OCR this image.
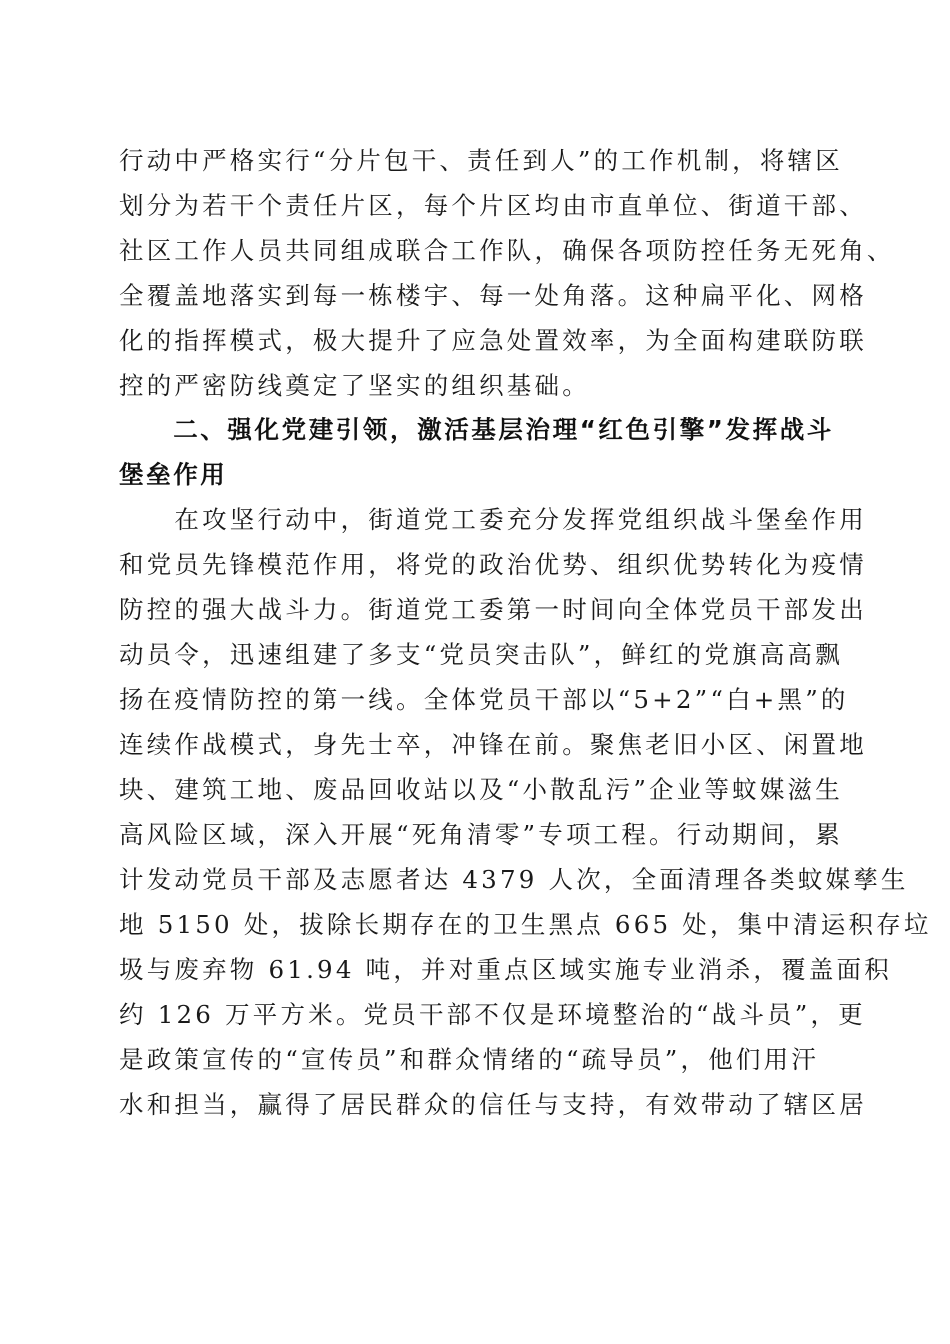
行动中严格实行“分片包干、责任到人”的工作机制，将辖区
划分为若干个责任片区，每个片区均由市直单位、街道干部、
社区工作人员共同组成联合工作队，确保各项防控任务无死角、
全覆盖地落实到每一栋楼宇、每一处角落。这种扁平化、网格
化的指挥模式，极大提升了应急处置效率，为全面构建联防联
控的严密防线奠定了坚实的组织基础。
　　二、强化党建引领，激活基层治理“红色引擎”发挥战斗
堡垒作用
　　在攻坚行动中，街道党工委充分发挥党组织战斗堡垒作用
和党员先锋模范作用，将党的政治优势、组织优势转化为疫情
防控的强大战斗力。街道党工委第一时间向全体党员干部发出
动员令，迅速组建了多支“党员突击队”，鲜红的党旗高高飘
扬在疫情防控的第一线。全体党员干部以“5+2”“白+黑”的
连续作战模式，身先士卒，冲锋在前。聚焦老旧小区、闲置地
块、建筑工地、废品回收站以及“小散乱污”企业等蚊媒滋生
高风险区域，深入开展“死角清零”专项工程。行动期间，累
计发动党员干部及志愿者达 4379 人次，全面清理各类蚊媒孳生
地 5150 处，拔除长期存在的卫生黑点 665 处，集中清运积存垃
圾与废弃物 61.94 吨，并对重点区域实施专业消杀，覆盖面积
约 126 万平方米。党员干部不仅是环境整治的“战斗员”，更
是政策宣传的“宣传员”和群众情绪的“疏导员”，他们用汗
水和担当，赢得了居民群众的信任与支持，有效带动了辖区居
